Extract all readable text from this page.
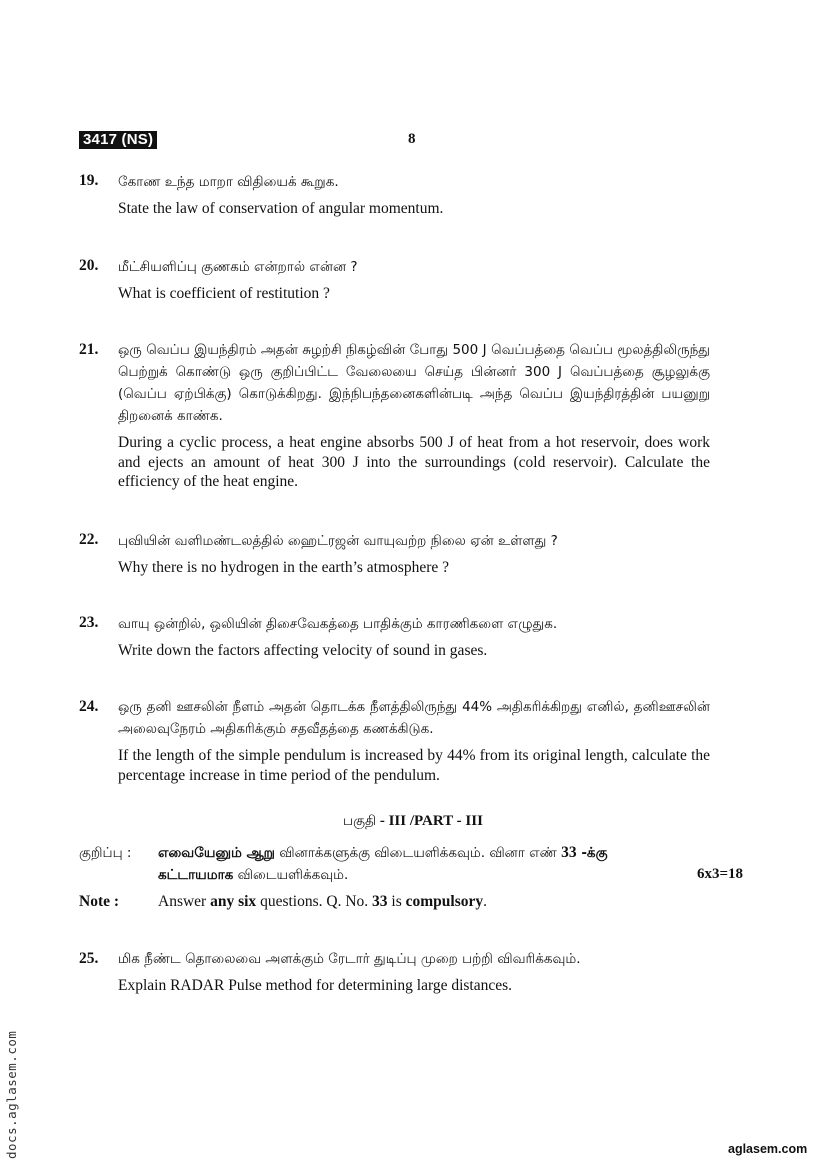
3417 (NS)	8
19.	கோண உந்த மாறா விதியைக் கூறுக.
State the law of conservation of angular momentum.
20.	மீட்சியளிப்பு குணகம் என்றால் என்ன ?
What is coefficient of restitution ?
21.	ஒரு வெப்ப இயந்திரம் அதன் சுழற்சி நிகழ்வின் போது 500 J வெப்பத்தை வெப்ப மூலத்திலிருந்து பெற்றுக் கொண்டு ஒரு குறிப்பிட்ட வேலையை செய்த பின்னர் 300 J வெப்பத்தை சூழலுக்கு (வெப்ப ஏற்பிக்கு) கொடுக்கிறது. இந்நிபந்தனைகளின்படி அந்த வெப்ப இயந்திரத்தின் பயனுறு திறனைக் காண்க.
During a cyclic process, a heat engine absorbs 500 J of heat from a hot reservoir, does work and ejects an amount of heat 300 J into the surroundings (cold reservoir). Calculate the efficiency of the heat engine.
22.	புவியின் வளிமண்டலத்தில் ஹைட்ரஜன் வாயுவற்ற நிலை ஏன் உள்ளது ?
Why there is no hydrogen in the earth’s atmosphere ?
23.	வாயு ஒன்றில், ஒலியின் திசைவேகத்தை பாதிக்கும் காரணிகளை எழுதுக.
Write down the factors affecting velocity of sound in gases.
24.	ஒரு தனி ஊசலின் நீளம் அதன் தொடக்க நீளத்திலிருந்து 44% அதிகரிக்கிறது எனில், தனிஊசலின் அலைவுநேரம் அதிகரிக்கும் சதவீதத்தை கணக்கிடுக.
If the length of the simple pendulum is increased by 44% from its original length, calculate the percentage increase in time period of the pendulum.
பகுதி - III /PART - III
குறிப்பு : எவையேனும் ஆறு வினாக்களுக்கு விடையளிக்கவும். வினா எண் 33 -க்கு
கட்டாயமாக விடையளிக்கவும்.	6x3=18
Note :	Answer any six questions. Q. No. 33 is compulsory.
25.	மிக நீண்ட தொலைவை அளக்கும் ரேடார் துடிப்பு முறை பற்றி விவரிக்கவும்.
Explain RADAR Pulse method for determining large distances.
docs.aglasem.com	aglasem.com
